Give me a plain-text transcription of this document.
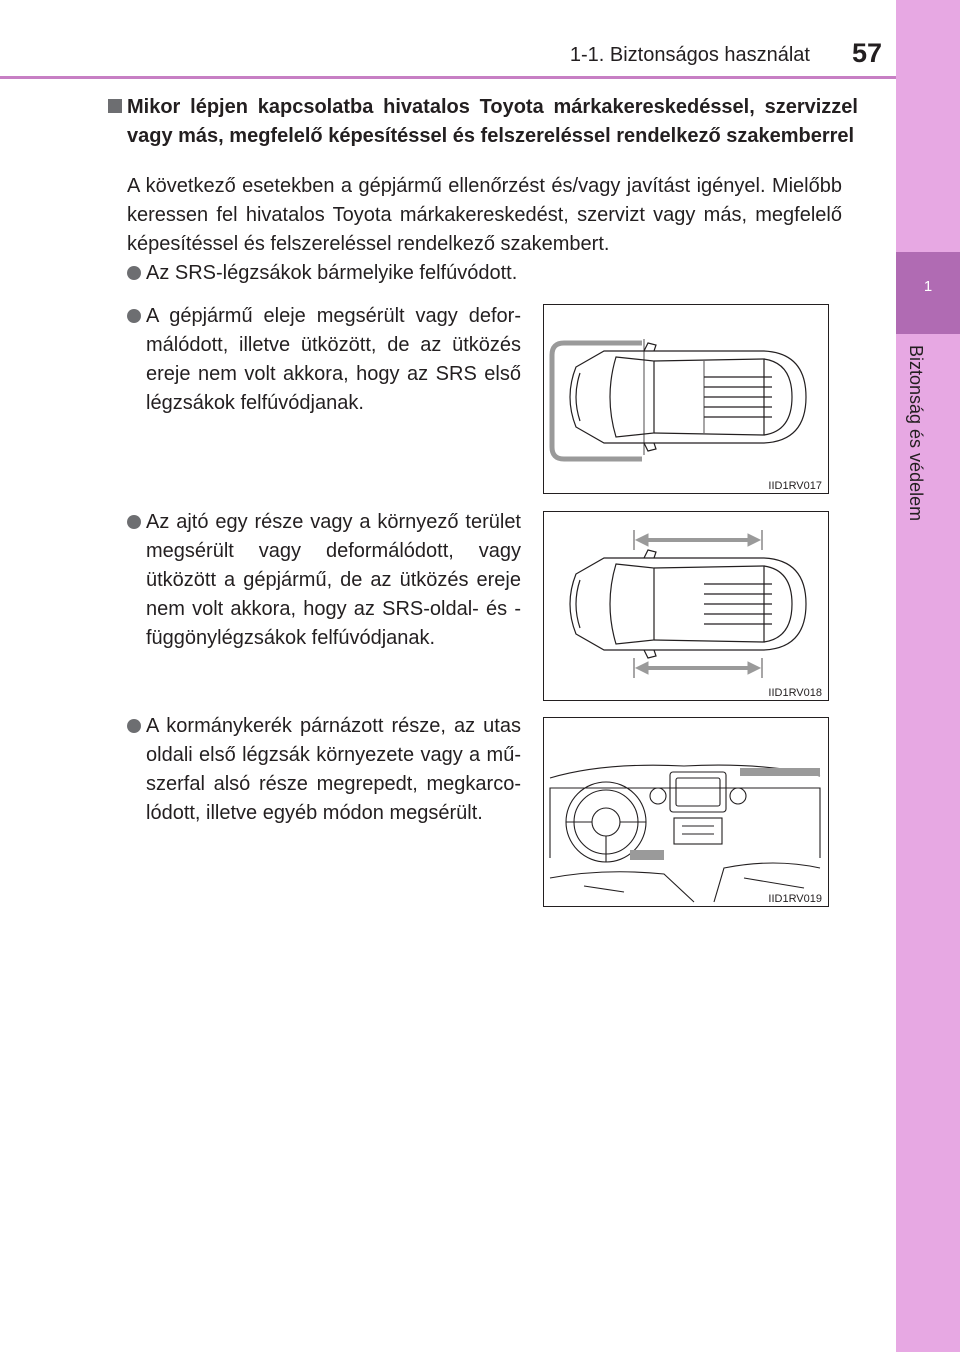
1-1. Biztonságos használat	57
1
Biztonság és védelem
Mikor lépjen kapcsolatba hivatalos Toyota márkakereskedéssel, szervizzel vagy más, megfelelő képesítéssel és felszereléssel rendelkező szakemberrel
A következő esetekben a gépjármű ellenőrzést és/vagy javítást igényel. Mielőbb keressen fel hivatalos Toyota márkakereskedést, szervizt vagy más, megfelelő képesítéssel és felszereléssel rendelkező szakembert.
Az SRS-légzsákok bármelyike felfúvódott.
A gépjármű eleje megsérült vagy deformálódott, illetve ütközött, de az ütközés ereje nem volt akkora, hogy az SRS első légzsákok felfúvódjanak.
Az ajtó egy része vagy a környező terület megsérült vagy deformálódott, vagy ütközött a gépjármű, de az ütközés ereje nem volt akkora, hogy az SRS-oldal- és -függönylégzsákok felfúvódjanak.
A kormánykerék párnázott része, az utas oldali első légzsák környezete vagy a műszerfal alsó része megrepedt, megkarcolódott, illetve egyéb módon megsérült.
IID1RV017
IID1RV018
IID1RV019
